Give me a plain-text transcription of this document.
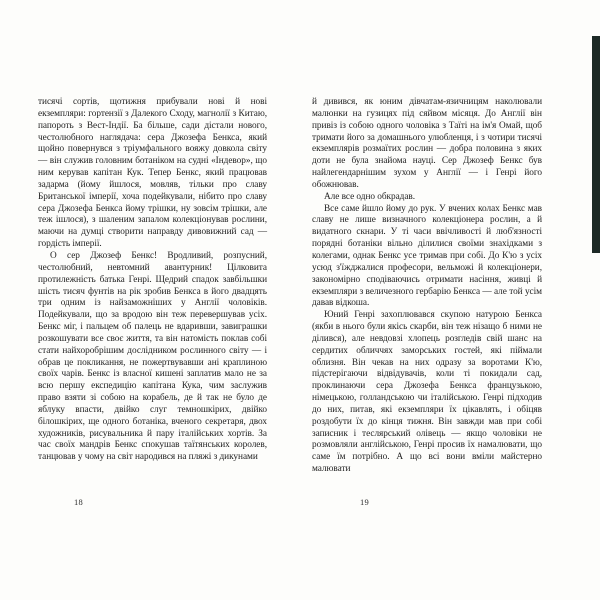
тисячі сортів, щотижня прибували нові й нові екземпляри: гортензії з Далекого Сходу, магнолії з Китаю, папороть з Вест-Індії. Ба більше, сади дістали нового, честолюбного наглядача: сера Джозефа Бенкса, який щойно повернувся з тріумфального вояжу довкола світу — він служив головним ботаніком на судні «Індевор», що ним керував капітан Кук. Тепер Бенкс, який працював задарма (йому йшлося, мовляв, тільки про славу Британської імперії, хоча подейкували, нібито про славу сера Джозефа Бенкса йому трішки, ну зовсім трішки, але теж ішлося), з шаленим запалом колекціонував рослини, маючи на думці створити направду дивовижний сад — гордість імперії.

О сер Джозеф Бенкс! Вродливий, розпусний, честолюбний, невтомний авантурник! Цілковита протилежність батька Генрі. Щедрий спадок завбільшки шість тисяч фунтів на рік зробив Бенкса в його двадцять три одним із найзаможніших у Англії чоловіків. Подейкували, що за вродою він теж перевершував усіх. Бенкс міг, і пальцем об палець не вдаривши, завиграшки розкошувати все своє життя, та він натомість поклав собі стати найхоробрішим дослідником рослинного світу — і обрав це покликання, не пожертвувавши ані краплиною своїх чарів. Бенкс із власної кишені заплатив мало не за всю першу експедицію капітана Кука, чим заслужив право взяти зі собою на корабель, де й так не було де яблуку впасти, двійко слуг темношкірих, двійко білошкірих, ще одного ботаніка, вченого секретаря, двох художників, рисувальника й пару італійських хортів. За час своїх мандрів Бенкс спокушав таїтянських королев, танцював у чому на світ народився на пляжі з дикунами

й дивився, як юним дівчатам-язичницям наколювали малюнки на гузицях під сяйвом місяця. До Англії він привіз із собою одного чоловіка з Таїті на ім'я Омай, щоб тримати його за домашнього улюбленця, і з чотири тисячі екземплярів розмаїтих рослин — добра половина з яких доти не була знайома науці. Сер Джозеф Бенкс був найлегендарнішим зухом у Англії — і Генрі його обожнював.

Але все одно обкрадав.

Все саме йшло йому до рук. У вчених колах Бенкс мав славу не лише визначного колекціонера рослин, а й видатного скнари. У ті часи ввічливості й люб'язності порядні ботаніки вільно ділилися своїми знахідками з колегами, однак Бенкс усе тримав при собі. До К'ю з усіх усюд з'їжджалися професори, вельможі й колекціонери, закономірно сподіваючись отримати насіння, живці й екземпляри з величезного гербарію Бенкса — але той усім давав відкоша.

Юний Генрі захоплювався скупою натурою Бенкса (якби в нього були якісь скарби, він теж нізащо б ними не ділився), але невдовзі хлопець розгледів свій шанс на сердитих обличчях заморських гостей, які піймали облизня. Він чекав на них одразу за воротами К'ю, підстерігаючи відвідувачів, коли ті покидали сад, проклинаючи сера Джозефа Бенкса французькою, німецькою, голландською чи італійською. Генрі підходив до них, питав, які екземпляри їх цікавлять, і обіцяв роздобути їх до кінця тижня. Він завжди мав при собі записник і теслярський олівець — якщо чоловіки не розмовляли англійською, Генрі просив їх намалювати, що саме їм потрібно. А що всі вони вміли майстерно малювати

18	19
